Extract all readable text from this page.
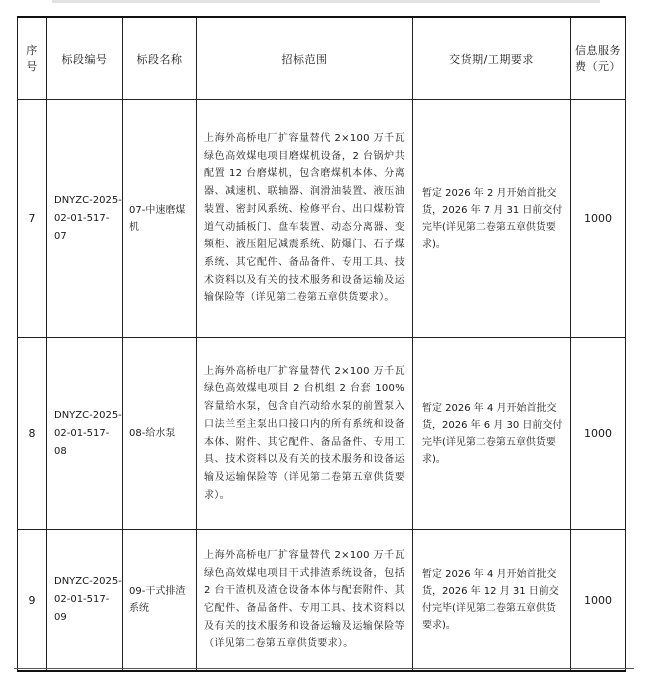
序号	标段编号	标段名称	招标范围	交货期/工期要求	信息服务费（元）
7	DNYZC-2025-02-01-517-07	07-中速磨煤机	上海外高桥电厂扩容量替代 2×100 万千瓦绿色高效煤电项目磨煤机设备，2 台锅炉共配置 12 台磨煤机，包含磨煤机本体、分离器、减速机、联轴器、润滑油装置、液压油装置、密封风系统、检修平台、出口煤粉管道气动插板门、盘车装置、动态分离器、变频柜、液压阻尼减震系统、防爆门、石子煤系统、其它配件、备品备件、专用工具、技术资料以及有关的技术服务和设备运输及运输保险等（详见第二卷第五章供货要求）。	暂定 2026 年 2 月开始首批交货，2026 年 7 月 31 日前交付完毕(详见第二卷第五章供货要求)。	1000
8	DNYZC-2025-02-01-517-08	08-给水泵	上海外高桥电厂扩容量替代 2×100 万千瓦绿色高效煤电项目 2 台机组 2 台套 100%容量给水泵，包含自汽动给水泵的前置泵入口法兰至主泵出口接口内的所有系统和设备本体、附件、其它配件、备品备件、专用工具、技术资料以及有关的技术服务和设备运输及运输保险等（详见第二卷第五章供货要求）。	暂定 2026 年 4 月开始首批交货，2026 年 6 月 30 日前交付完毕(详见第二卷第五章供货要求)。	1000
9	DNYZC-2025-02-01-517-09	09-干式排渣系统	上海外高桥电厂扩容量替代 2×100 万千瓦绿色高效煤电项目干式排渣系统设备，包括 2 台干渣机及渣仓设备本体与配套附件、其它配件、备品备件、专用工具、技术资料以及有关的技术服务和设备运输及运输保险等（详见第二卷第五章供货要求）。	暂定 2026 年 4 月开始首批交货，2026 年 12 月 31 日前交付完毕(详见第二卷第五章供货要求)。	1000
